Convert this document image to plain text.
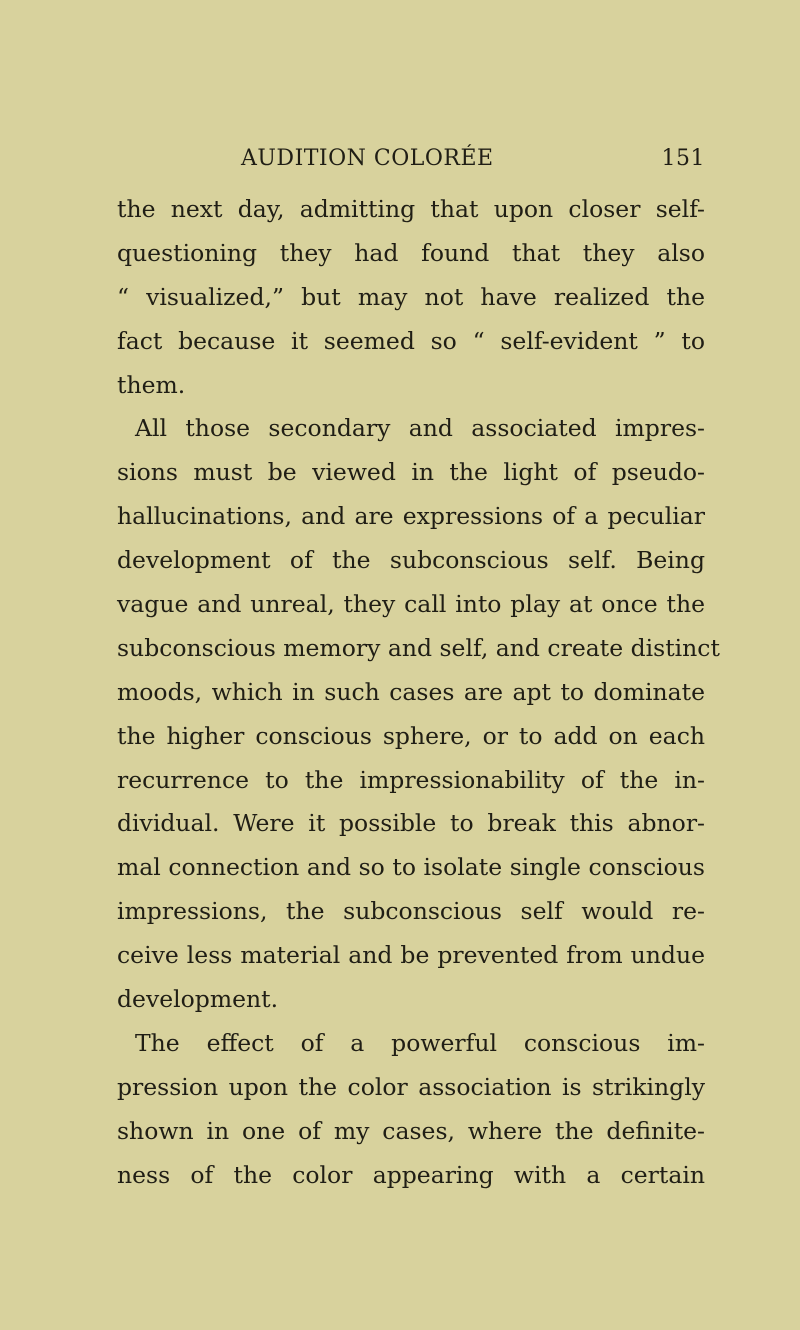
AUDITION COLORÉE	151
the next day, admitting that upon closer self-
questioning they had found that they also
“ visualized,” but may not have realized the
fact because it seemed so “ self-evident ” to
them.
All those secondary and associated impres-
sions must be viewed in the light of pseudo-
hallucinations, and are expressions of a peculiar
development of the subconscious self. Being
vague and unreal, they call into play at once the
subconscious memory and self, and create distinct
moods, which in such cases are apt to dominate
the higher conscious sphere, or to add on each
recurrence to the impressionability of the in-
dividual. Were it possible to break this abnor-
mal connection and so to isolate single conscious
impressions, the subconscious self would re-
ceive less material and be prevented from undue
development.
The effect of a powerful conscious im-
pression upon the color association is strikingly
shown in one of my cases, where the definite-
ness of the color appearing with a certain
